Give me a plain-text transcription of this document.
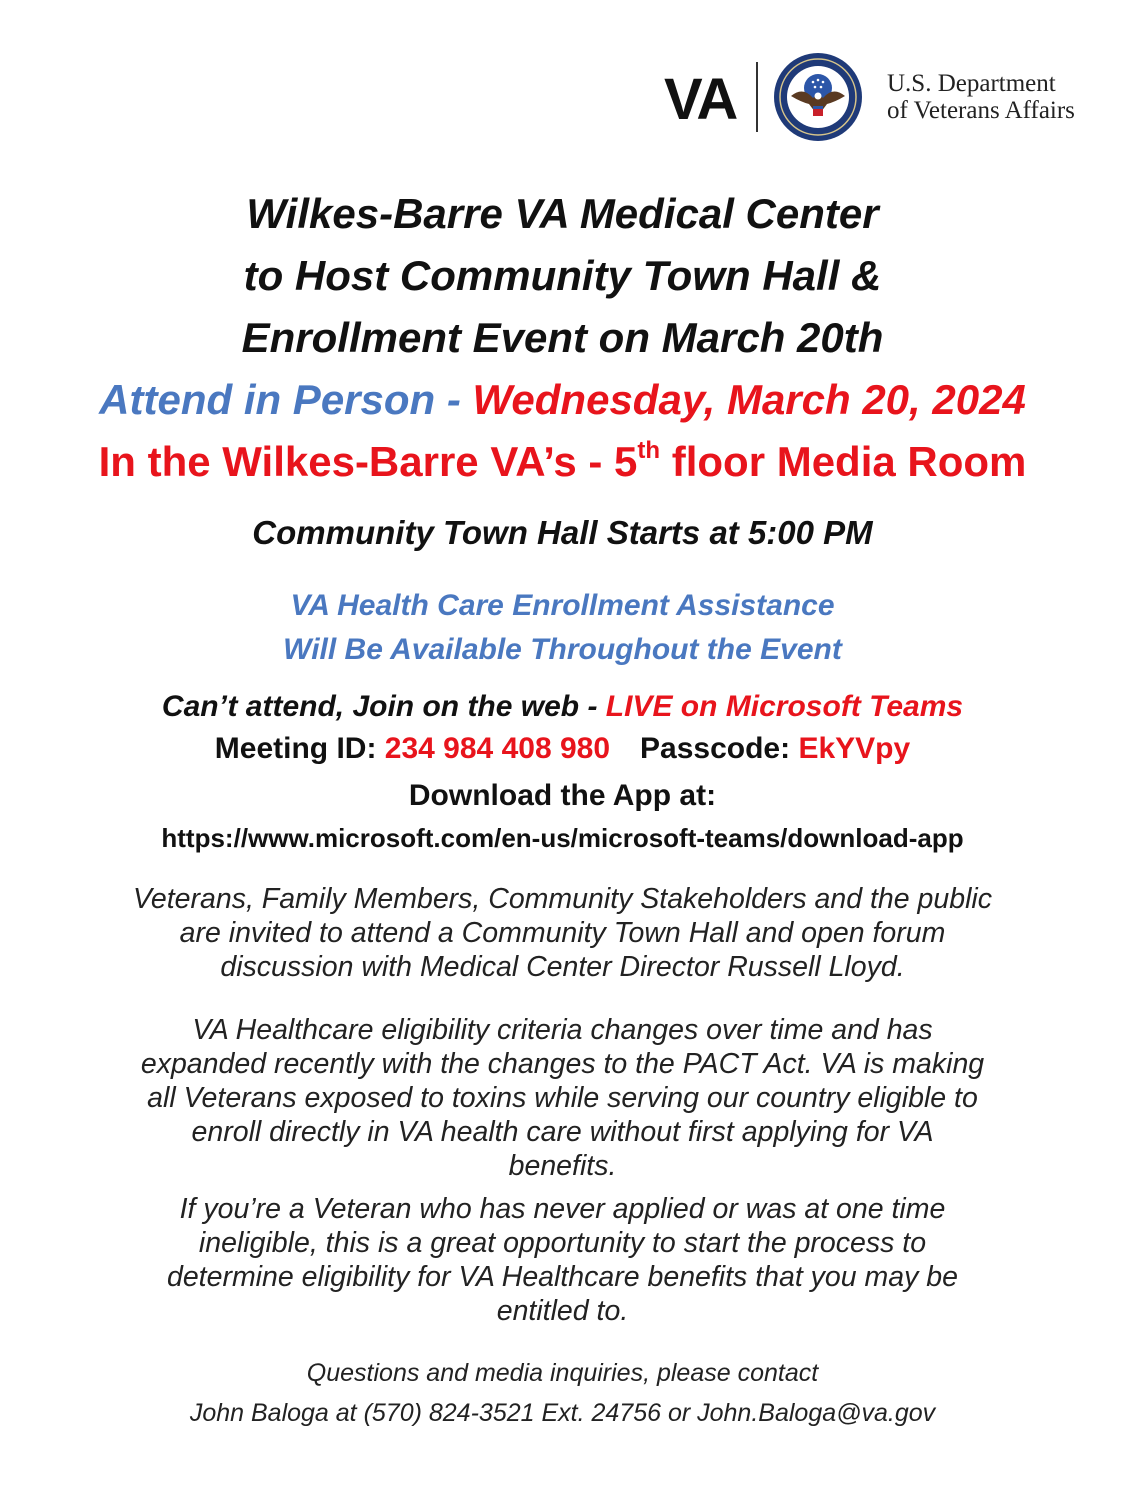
VA	U.S. Department
of Veterans Affairs
Wilkes-Barre VA Medical Center
to Host Community Town Hall &
Enrollment Event on March 20th
Attend in Person - Wednesday, March 20, 2024
In the Wilkes-Barre VA’s - 5th floor Media Room
Community Town Hall Starts at 5:00 PM
VA Health Care Enrollment Assistance
Will Be Available Throughout the Event
Can’t attend, Join on the web - LIVE on Microsoft Teams
Meeting ID: 234 984 408 980 Passcode: EkYVpy
Download the App at:
https://www.microsoft.com/en-us/microsoft-teams/download-app
Veterans, Family Members, Community Stakeholders and the public
are invited to attend a Community Town Hall and open forum
discussion with Medical Center Director Russell Lloyd.
VA Healthcare eligibility criteria changes over time and has
expanded recently with the changes to the PACT Act. VA is making
all Veterans exposed to toxins while serving our country eligible to
enroll directly in VA health care without first applying for VA
benefits.
If you’re a Veteran who has never applied or was at one time
ineligible, this is a great opportunity to start the process to
determine eligibility for VA Healthcare benefits that you may be
entitled to.
Questions and media inquiries, please contact
John Baloga at (570) 824-3521 Ext. 24756 or John.Baloga@va.gov
